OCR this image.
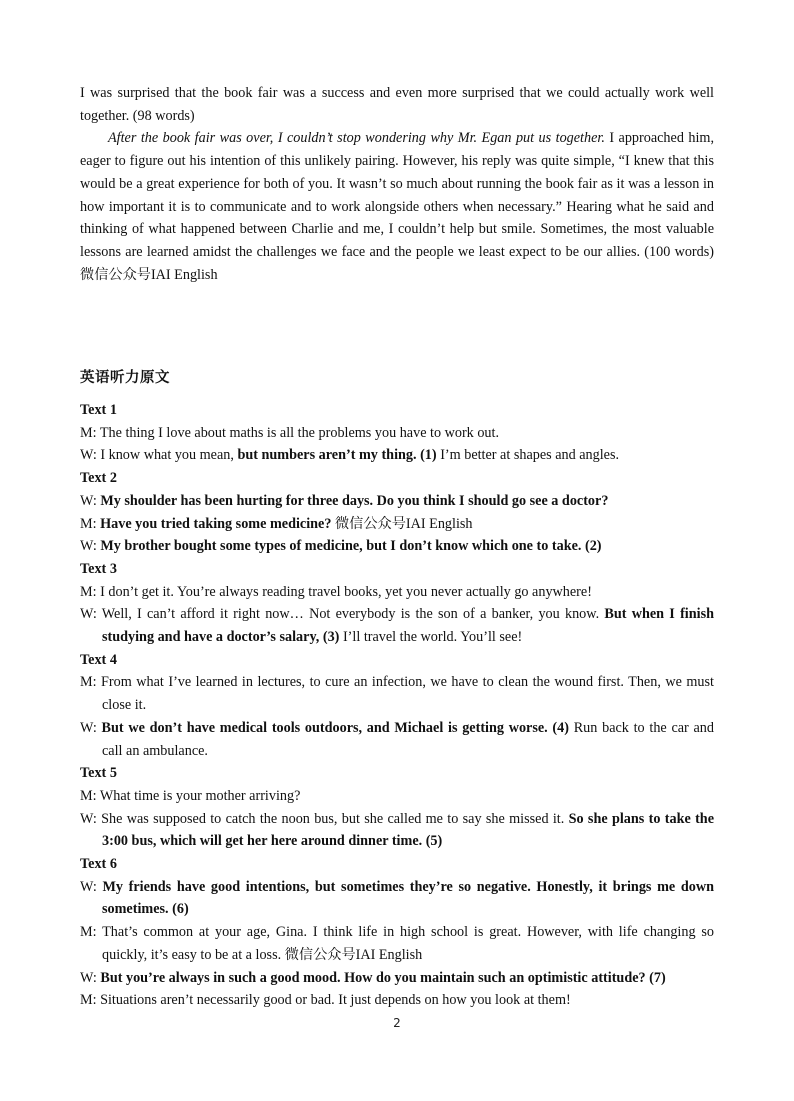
I was surprised that the book fair was a success and even more surprised that we could actually work well together. (98 words)

After the book fair was over, I couldn’t stop wondering why Mr. Egan put us together. I approached him, eager to figure out his intention of this unlikely pairing. However, his reply was quite simple, “I knew that this would be a great experience for both of you. It wasn’t so much about running the book fair as it was a lesson in how important it is to communicate and to work alongside others when necessary.” Hearing what he said and thinking of what happened between Charlie and me, I couldn’t help but smile. Sometimes, the most valuable lessons are learned amidst the challenges we face and the people we least expect to be our allies. (100 words) 微信公众号IAI English

英语听力原文

Text 1

M: The thing I love about maths is all the problems you have to work out.

W: I know what you mean, but numbers aren’t my thing. (1) I’m better at shapes and angles.

Text 2

W: My shoulder has been hurting for three days. Do you think I should go see a doctor?

M: Have you tried taking some medicine? 微信公众号IAI English

W: My brother bought some types of medicine, but I don’t know which one to take. (2)

Text 3

M: I don’t get it. You’re always reading travel books, yet you never actually go anywhere!

W: Well, I can’t afford it right now… Not everybody is the son of a banker, you know. But when I finish studying and have a doctor’s salary, (3) I’ll travel the world. You’ll see!

Text 4

M: From what I’ve learned in lectures, to cure an infection, we have to clean the wound first. Then, we must close it.

W: But we don’t have medical tools outdoors, and Michael is getting worse. (4) Run back to the car and call an ambulance.

Text 5

M: What time is your mother arriving?

W: She was supposed to catch the noon bus, but she called me to say she missed it. So she plans to take the 3:00 bus, which will get her here around dinner time. (5)

Text 6

W: My friends have good intentions, but sometimes they’re so negative. Honestly, it brings me down sometimes. (6)

M: That’s common at your age, Gina. I think life in high school is great. However, with life changing so quickly, it’s easy to be at a loss. 微信公众号IAI English

W: But you’re always in such a good mood. How do you maintain such an optimistic attitude? (7)

M: Situations aren’t necessarily good or bad. It just depends on how you look at them!

2
